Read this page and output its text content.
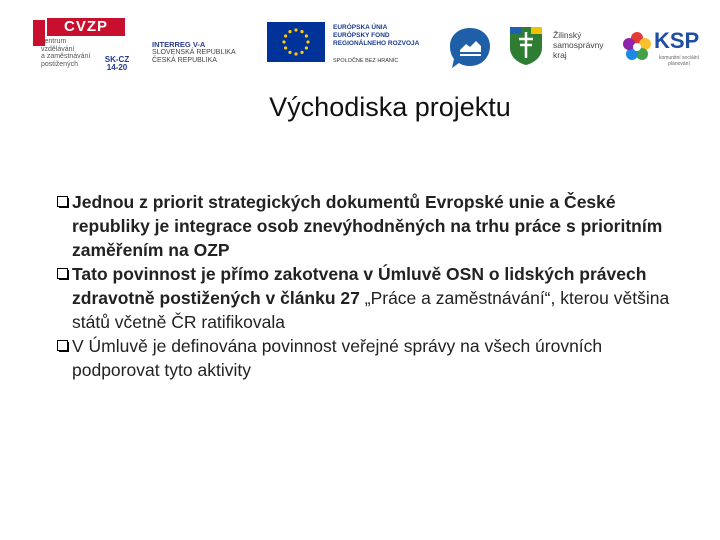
CVZP
centrum
vzdělávání
a zaměstnávání
postižených	SK-CZ 14-20
INTERREG V-A
SLOVENSKÁ REPUBLIKA
ČESKÁ REPUBLIKA
EURÓPSKA ÚNIA
EURÓPSKY FOND
REGIONÁLNEHO ROZVOJA
SPOLOČNE BEZ HRANÍC
Žilinský
samosprávny
kraj
KSP
komunitní sociální plánování
Východiska projektu
Jednou z priorit strategických dokumentů Evropské unie a České republiky je integrace osob znevýhodněných na trhu práce s prioritním zaměřením na OZP
Tato povinnost je přímo zakotvena v Úmluvě OSN o lidských právech zdravotně postižených v článku 27 „Práce a zaměstnávání“, kterou většina států včetně ČR ratifikovala
V Úmluvě je definována povinnost veřejné správy na všech úrovních podporovat tyto aktivity
